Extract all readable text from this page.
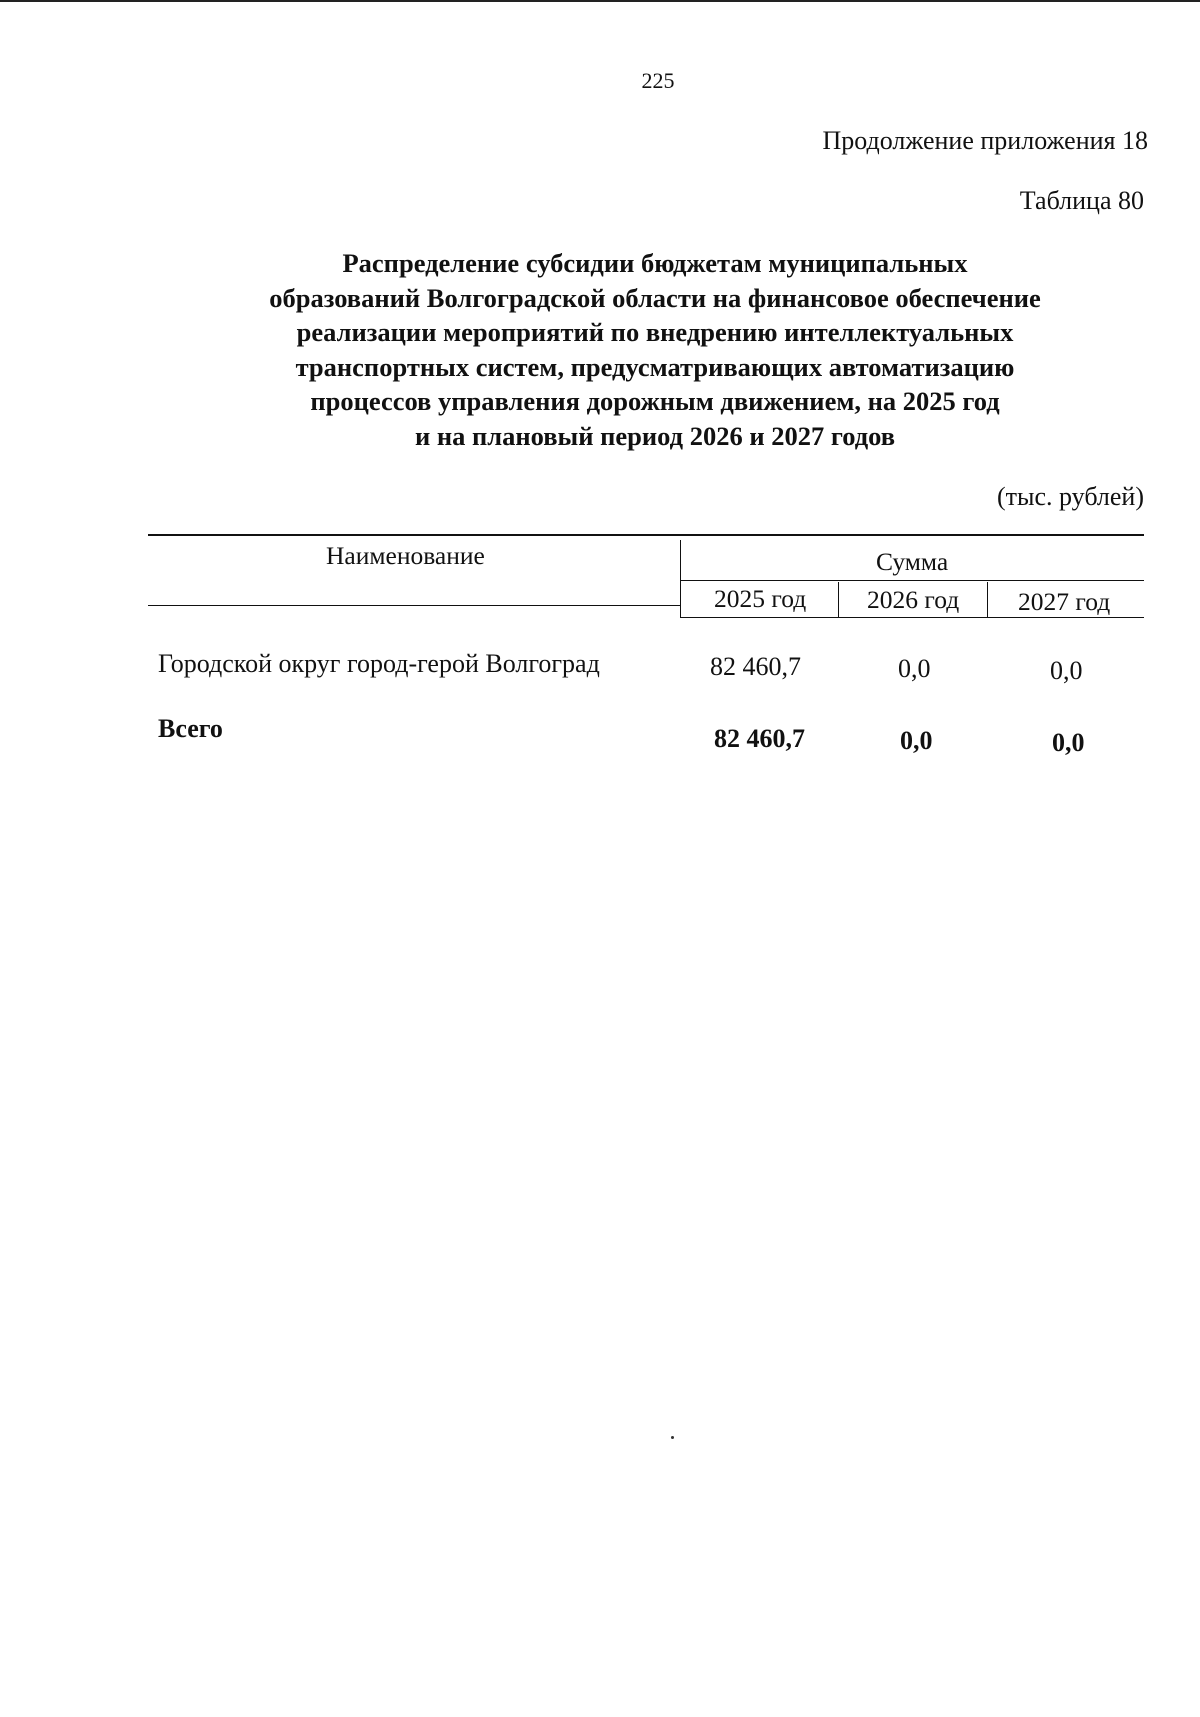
225
Продолжение приложения 18
Таблица 80
Распределение субсидии бюджетам муниципальных
образований Волгоградской области на финансовое обеспечение
реализации мероприятий по внедрению интеллектуальных
транспортных систем, предусматривающих автоматизацию
процессов управления дорожным движением, на 2025 год
и на плановый период 2026 и 2027 годов
(тыс. рублей)
Наименование	Сумма
2025 год 2026 год 2027 год
Городской округ город-герой Волгоград	82 460,7	0,0	0,0
Всего	82 460,7	0,0	0,0
